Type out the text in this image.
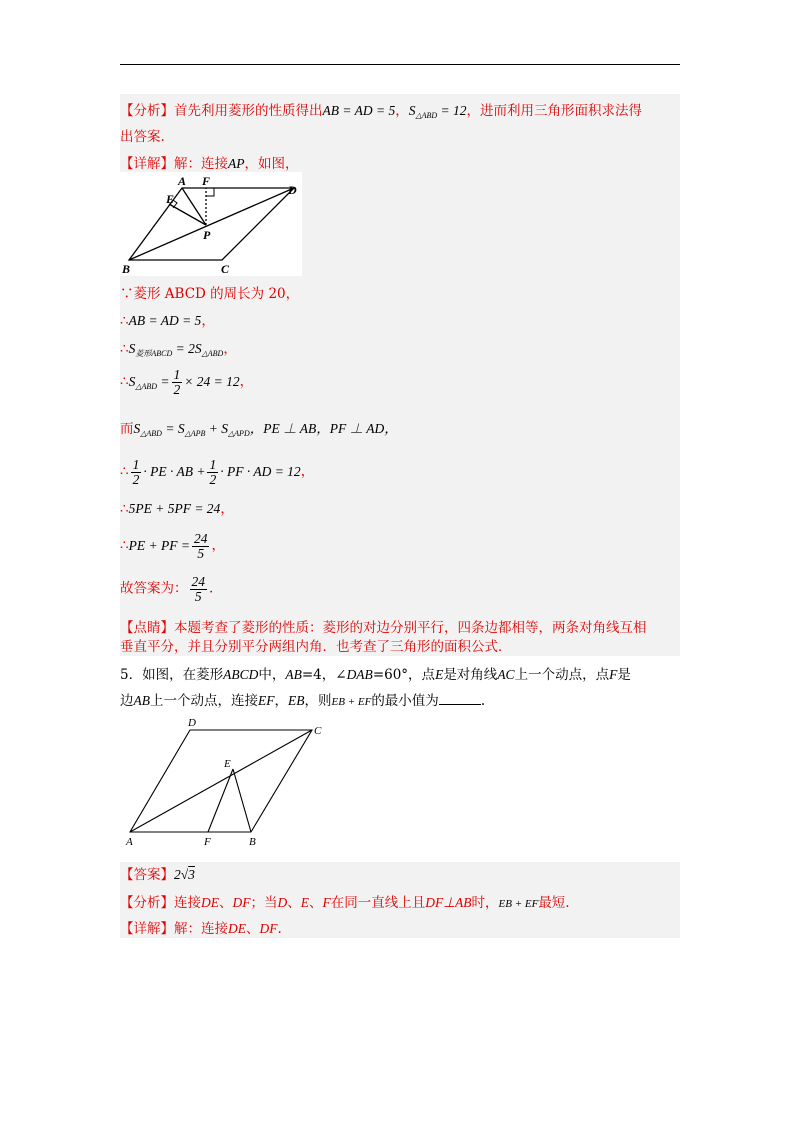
【分析】首先利用菱形的性质得出AB = AD = 5，$S_{\triangle ABD} = 12$，进而利用三角形面积求法得
出答案.
【详解】解：连接AP，如图，
A F
D
E
P
B	C
∵菱形 ABCD 的周长为 20，
∴AB = AD = 5，
$\therefore S_{菱形ABCD} = 2S_{\triangle ABD}$，
$\therefore S_{\triangle ABD} = \frac{1}{2} \times 24 = 12$，
而$S_{\triangle ABD} = S_{\triangle APB} + S_{\triangle APD}$，PE ⊥ AB，PF ⊥ AD，
∴ $\frac{1}{2}$ · PE · AB + $\frac{1}{2}$ · PF · AD = 12，
∴5PE + 5PF = 24，
∴PE + PF = $\frac{24}{5}$ ，
故答案为： $\frac{24}{5}$ .
【点睛】本题考查了菱形的性质：菱形的对边分别平行，四条边都相等，两条对角线互相
垂直平分，并且分别平分两组内角．也考查了三角形的面积公式．
5．如图，在菱形ABCD中，AB=4，∠DAB=60°，点E是对角线AC上一个动点，点F是
边AB上一个动点，连接EF，EB，则EB + EF的最小值为	.
D
C
E
A	F	B
【答案】2√3
【分析】连接DE、DF；当D、E、F在同一直线上且DF⊥AB时，EB + EF最短.
【详解】解：连接DE、DF.
